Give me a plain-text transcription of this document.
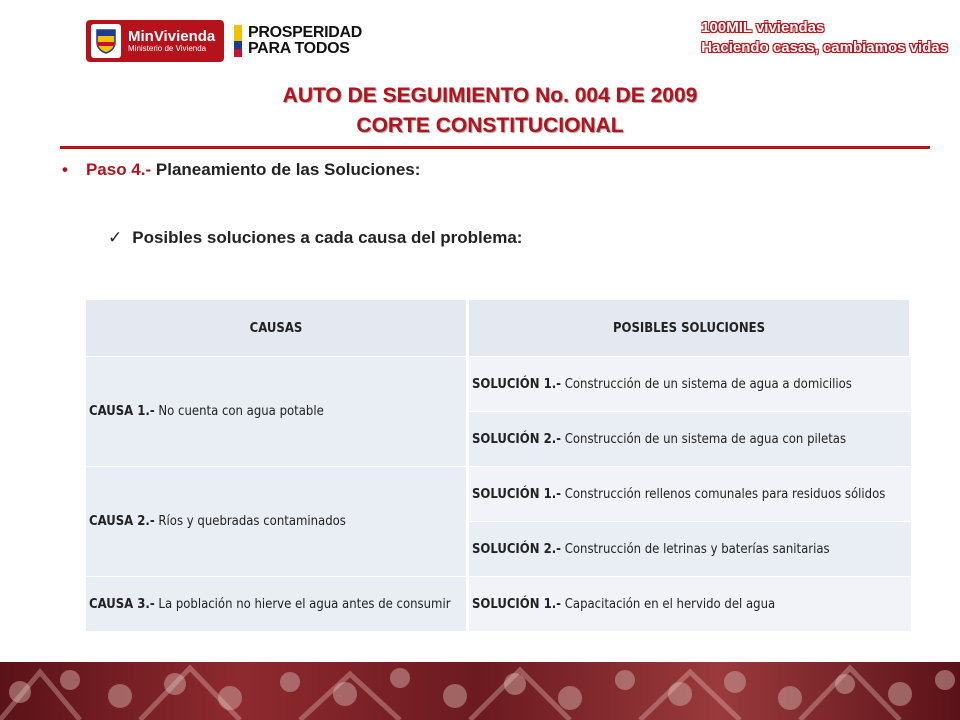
MinVivienda
Ministerio de Vivienda
PROSPERIDAD
PARA TODOS
100MIL viviendas
Haciendo casas, cambiamos vidas
AUTO DE SEGUIMIENTO No. 004 DE 2009
CORTE CONSTITUCIONAL
• Paso 4.- Planeamiento de las Soluciones:
✓ Posibles soluciones a cada causa del problema:
CAUSAS	POSIBLES SOLUCIONES
CAUSA 1.- No cuenta con agua potable	SOLUCIÓN 1.- Construcción de un sistema de agua a domicilios
	SOLUCIÓN 2.- Construcción de un sistema de agua con piletas
CAUSA 2.- Ríos y quebradas contaminados	SOLUCIÓN 1.- Construcción rellenos comunales para residuos sólidos
	SOLUCIÓN 2.- Construcción de letrinas y baterías sanitarias
CAUSA 3.- La población no hierve el agua antes de consumir	SOLUCIÓN 1.- Capacitación en el hervido del agua
